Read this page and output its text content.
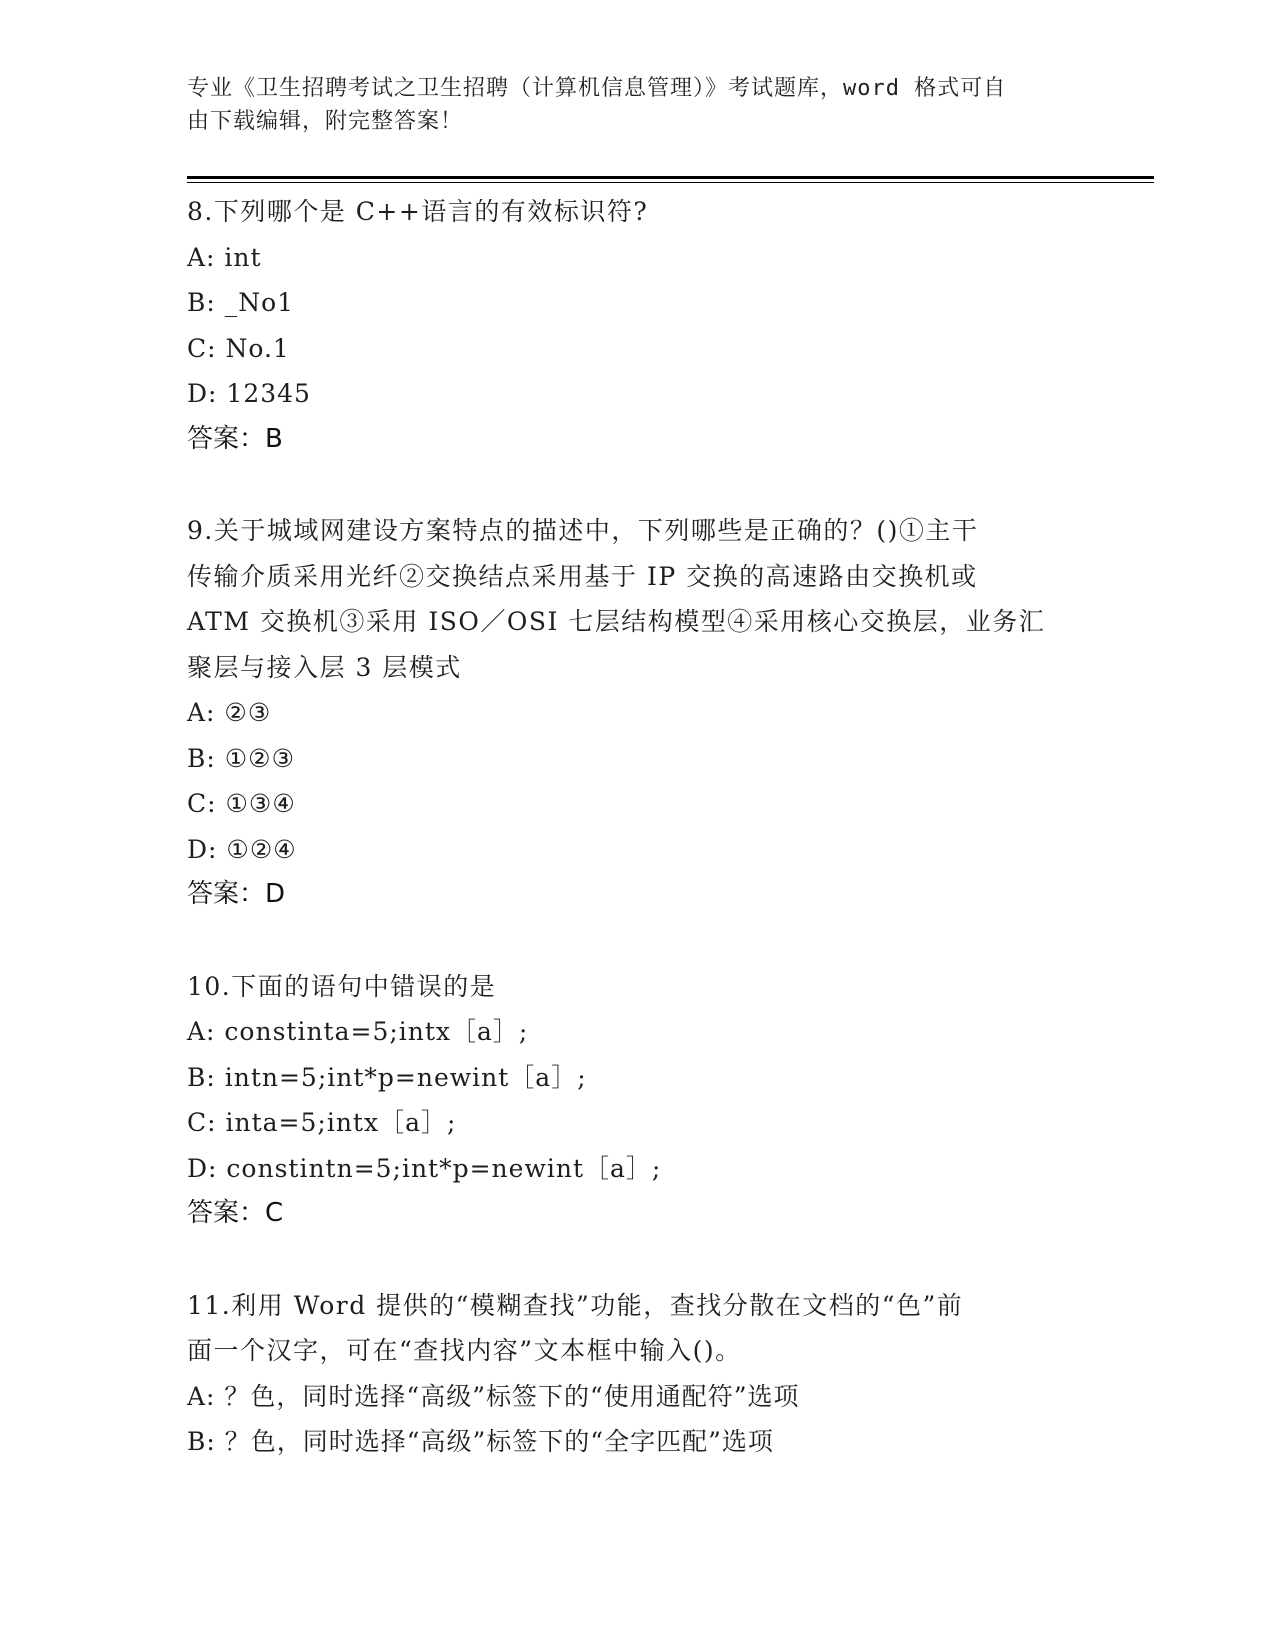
专业《卫生招聘考试之卫生招聘（计算机信息管理）》考试题库，word 格式可自
由下载编辑，附完整答案！
8.下列哪个是 C++语言的有效标识符?
A: int
B: _No1
C: No.1
D: 12345
答案：B
9.关于城域网建设方案特点的描述中，下列哪些是正确的？()①主干
传输介质采用光纤②交换结点采用基于 IP 交换的高速路由交换机或
ATM 交换机③采用 ISO／OSI 七层结构模型④采用核心交换层，业务汇
聚层与接入层 3 层模式
A: ②③
B: ①②③
C: ①③④
D: ①②④
答案：D
10.下面的语句中错误的是
A: constinta=5;intx［a］;
B: intn=5;int*p=newint［a］;
C: inta=5;intx［a］;
D: constintn=5;int*p=newint［a］;
答案：C
11.利用 Word 提供的“模糊查找”功能，查找分散在文档的“色”前
面一个汉字，可在“查找内容”文本框中输入()。
A: ？色，同时选择“高级”标签下的“使用通配符”选项
B: ？色，同时选择“高级”标签下的“全字匹配”选项
